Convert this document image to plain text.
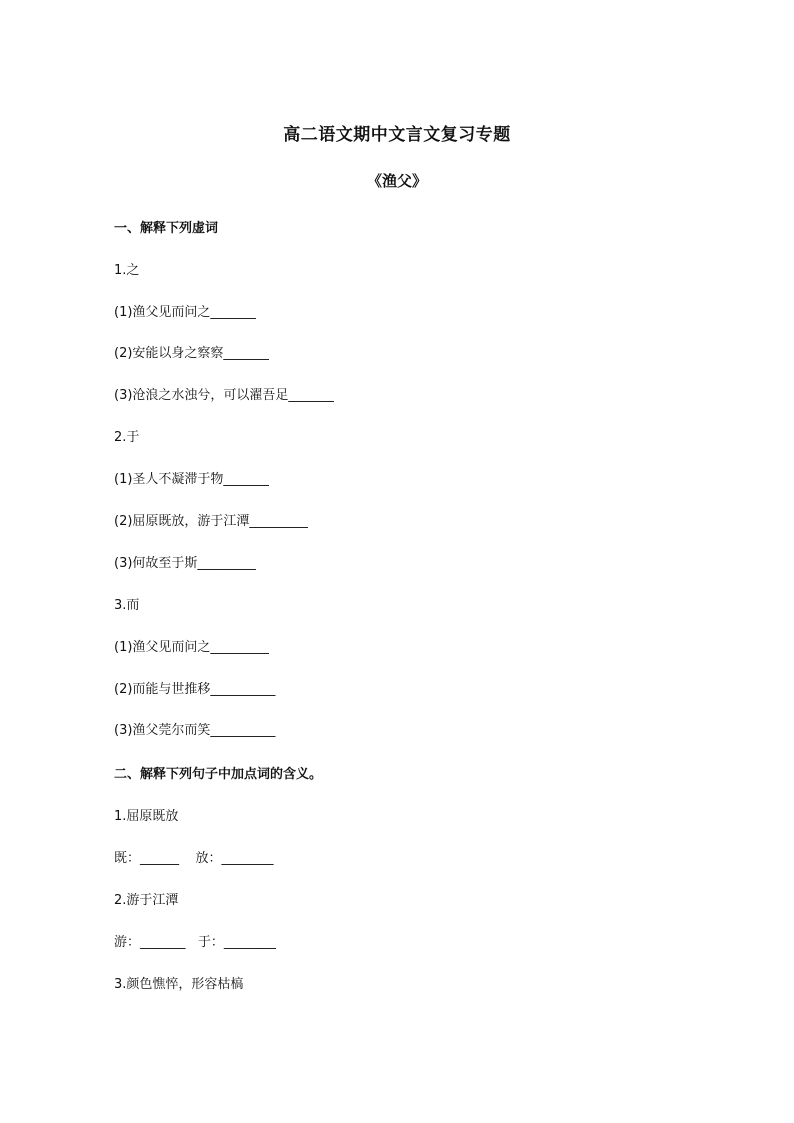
高二语文期中文言文复习专题
《渔父》
一、解释下列虚词
1.之
(1)渔父见而问之_______
(2)安能以身之察察_______
(3)沧浪之水浊兮，可以濯吾足_______
2.于
(1)圣人不凝滞于物_______
(2)屈原既放，游于江潭_________
(3)何故至于斯_________
3.而
(1)渔父见而问之_________
(2)而能与世推移__________
(3)渔父莞尔而笑__________
二、解释下列句子中加点词的含义。
1.屈原既放
既：______    放：________
2.游于江潭
游：_______   于：________
3.颜色憔悴，形容枯槁
